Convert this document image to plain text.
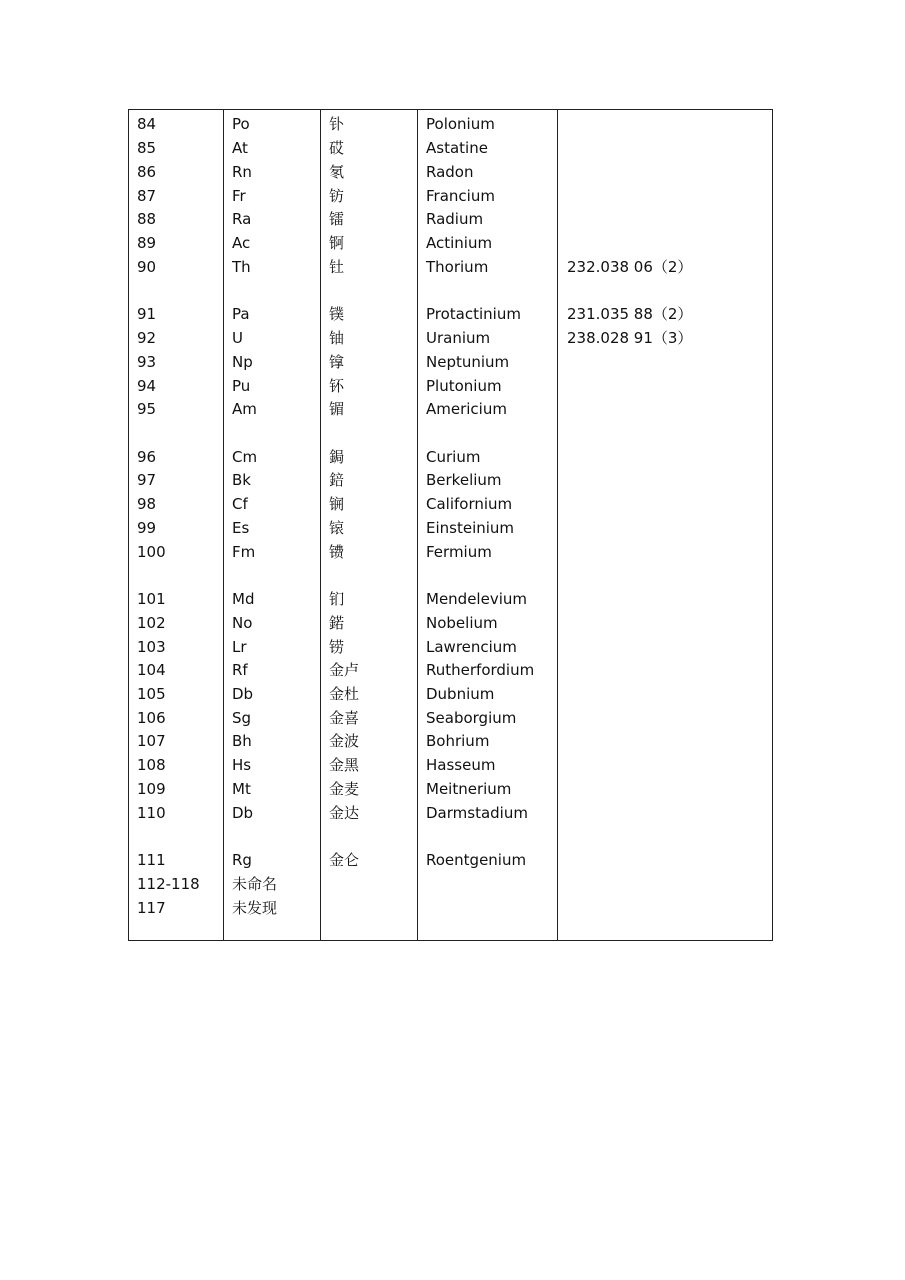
84	Po	钋	Polonium
85	At	砹	Astatine
86	Rn	氡	Radon
87	Fr	钫	Francium
88	Ra	镭	Radium
89	Ac	锕	Actinium
90	Th	钍	Thorium	232.038 06（2）
91	Pa	镤	Protactinium	231.035 88（2）
92	U	铀	Uranium	238.028 91（3）
93	Np	镎	Neptunium
94	Pu	钚	Plutonium
95	Am	镅	Americium
96	Cm	鋦	Curium
97	Bk	錇	Berkelium
98	Cf	锎	Californium
99	Es	锿	Einsteinium
100	Fm	镄	Fermium
101	Md	钔	Mendelevium
102	No	鍩	Nobelium
103	Lr	铹	Lawrencium
104	Rf	金卢	Rutherfordium
105	Db	金杜	Dubnium
106	Sg	金喜	Seaborgium
107	Bh	金波	Bohrium
108	Hs	金黑	Hasseum
109	Mt	金麦	Meitnerium
110	Db	金达	Darmstadium
111	Rg	金仑	Roentgenium
112-118 未命名
117	未发现
